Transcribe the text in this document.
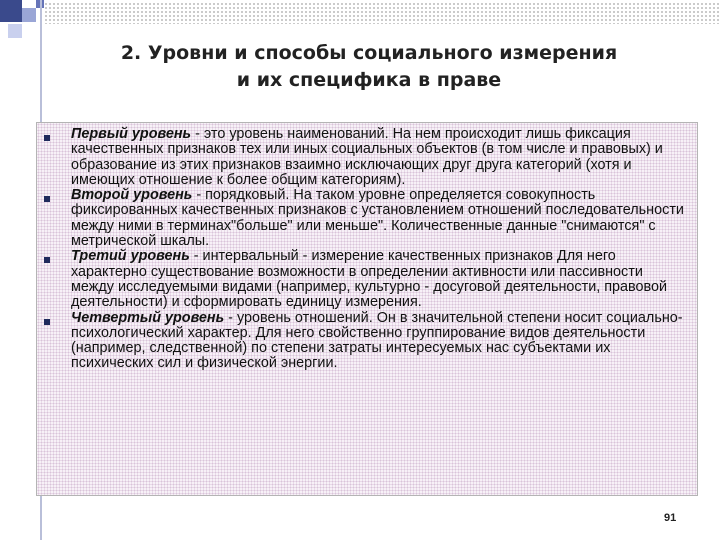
2. Уровни и способы социального измерения
и их специфика в праве
Первый уровень - это уровень наименований. На нем происходит лишь фиксация качественных признаков тех или иных социальных объектов (в том числе и правовых) и образование из этих признаков взаимно исключающих друг друга категорий (хотя и имеющих отношение к более общим категориям).
Второй уровень - порядковый. На таком уровне определяется совокупность фиксированных качественных признаков с установлением отношений последовательности между ними в терминах"больше" или меньше". Количественные данные "снимаются" с метрической шкалы.
Третий уровень - интервальный - измерение качественных признаков Для него характерно существование возможности в определении активности или пассивности между исследуемыми видами (например, культурно - досуговой деятельности, правовой деятельности) и сформировать единицу измерения.
Четвертый уровень - уровень отношений. Он в значительной степени носит социально-психологический характер. Для него свойственно группирование видов деятельности (например, следственной) по степени затраты интересуемых нас субъектами их психических сил и физической энергии.
91
